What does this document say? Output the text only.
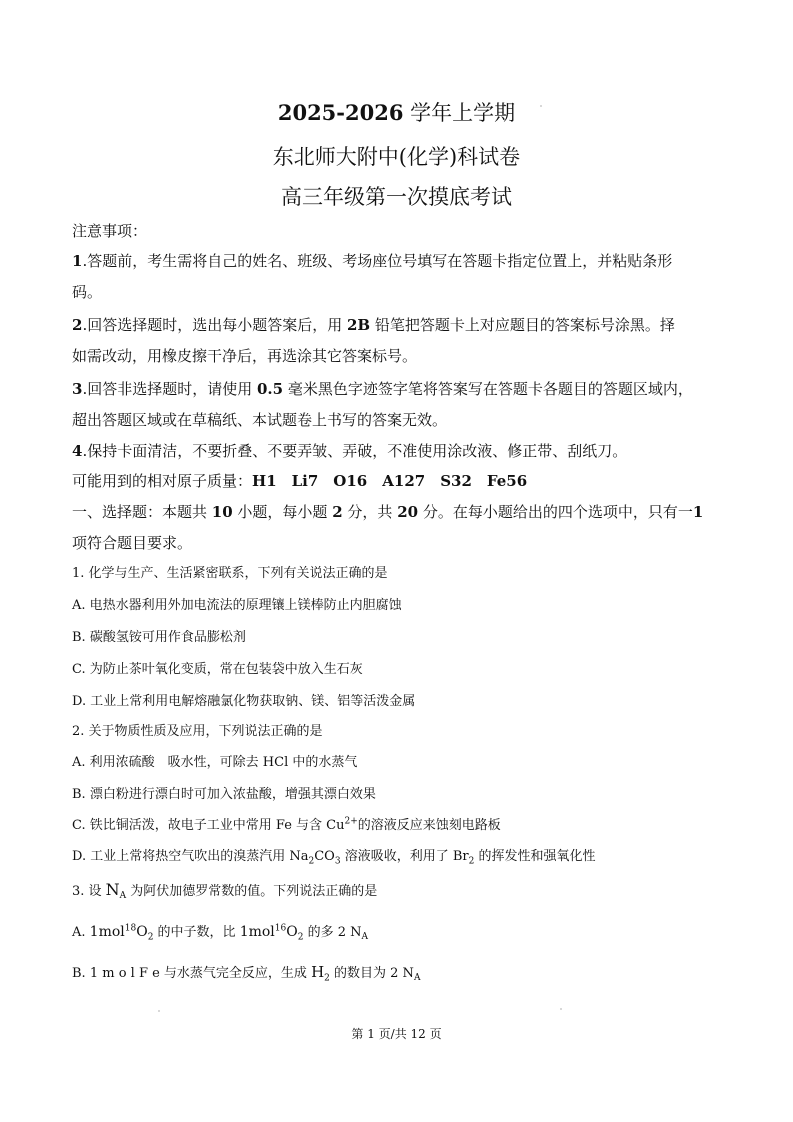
2025-2026 学年上学期
东北师大附中(化学)科试卷
高三年级第一次摸底考试
注意事项：
1.答题前，考生需将自己的姓名、班级、考场座位号填写在答题卡指定位置上，并粘贴条形
码。
2.回答选择题时，选出每小题答案后，用 2B 铅笔把答题卡上对应题目的答案标号涂黑。择
如需改动，用橡皮擦干净后，再选涂其它答案标号。
3.回答非选择题时，请使用 0.5 毫米黑色字迹签字笔将答案写在答题卡各题目的答题区域内，
超出答题区域或在草稿纸、本试题卷上书写的答案无效。
4.保持卡面清洁，不要折叠、不要弄皱、弄破，不准使用涂改液、修正带、刮纸刀。
可能用到的相对原子质量：H1　Li7　O16　A127　S32　Fe56
一、选择题：本题共 10 小题，每小题 2 分，共 20 分。在每小题给出的四个选项中，只有一1
项符合题目要求。
1. 化学与生产、生活紧密联系，下列有关说法正确的是
A. 电热水器利用外加电流法的原理镶上镁棒防止内胆腐蚀
B. 碳酸氢铵可用作食品膨松剂
C. 为防止茶叶氧化变质，常在包装袋中放入生石灰
D. 工业上常利用电解熔融氯化物获取钠、镁、铝等活泼金属
2. 关于物质性质及应用，下列说法正确的是
A. 利用浓硫酸　吸水性，可除去 HCl 中的水蒸气
B. 漂白粉进行漂白时可加入浓盐酸，增强其漂白效果
C. 铁比铜活泼，故电子工业中常用 Fe 与含 $Cu^{2+}$的溶液反应来蚀刻电路板
D. 工业上常将热空气吹出的溴蒸汽用 $Na_2CO_3$ 溶液吸收，利用了 $Br_2$ 的挥发性和强氧化性
3. 设 $N_A$ 为阿伏加德罗常数的值。下列说法正确的是
A. $1mol^{18}O_2$ 的中子数，比 $1mol^{16}O_2$ 的多 2 $N_A$
B. 1 m o l F e 与水蒸气完全反应，生成 $H_2$ 的数目为 2 $N_A$
第 1 页/共 12 页
